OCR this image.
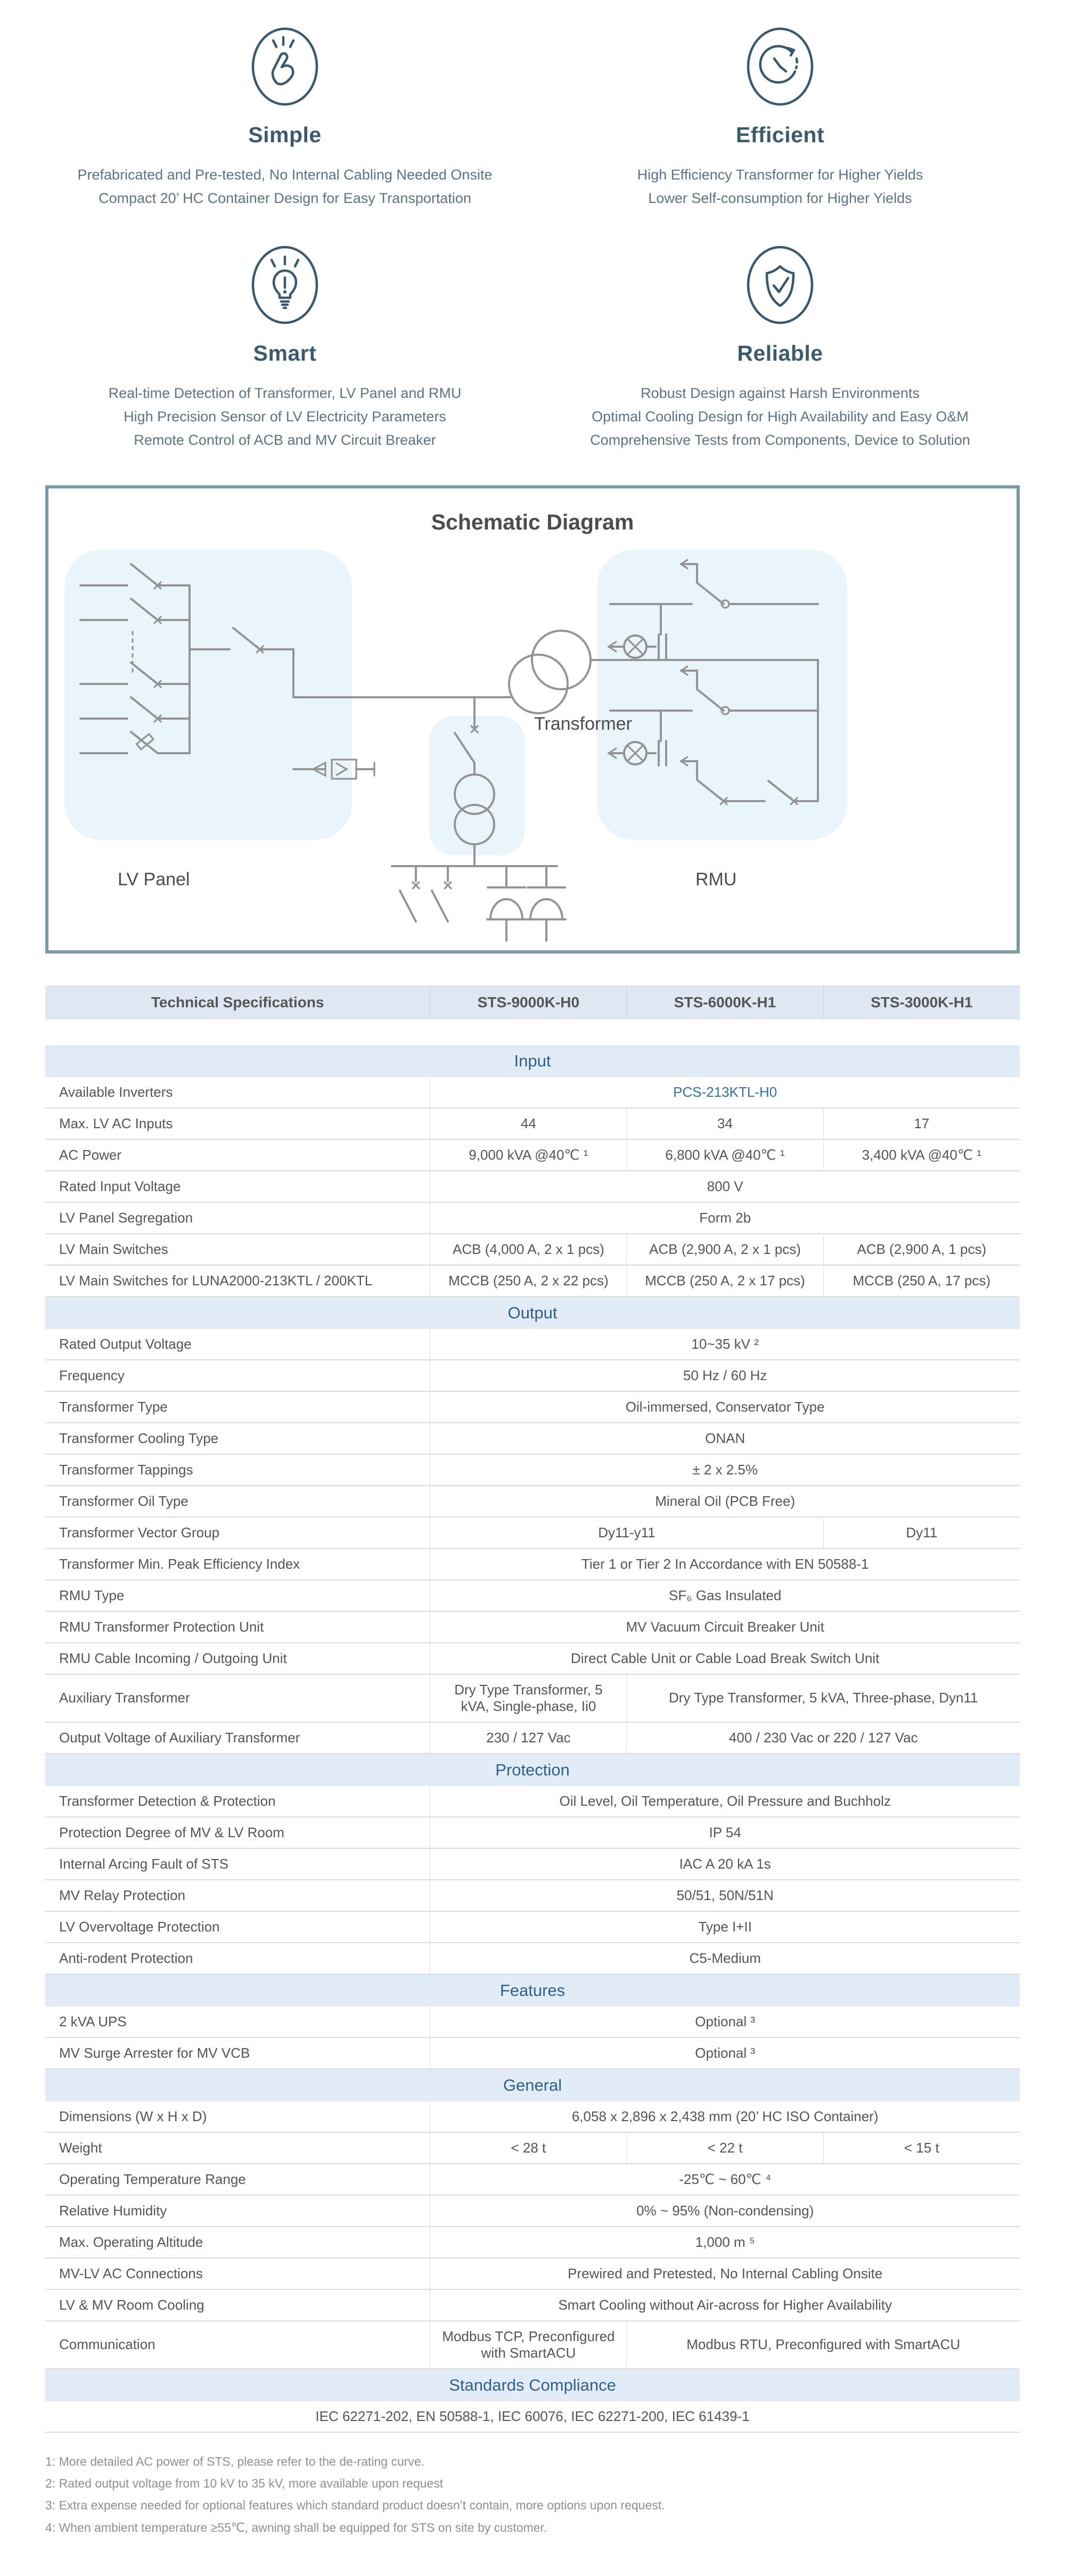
Simple
Prefabricated and Pre-tested, No Internal Cabling Needed Onsite
Compact 20’ HC Container Design for Easy Transportation
Efficient
High Efficiency Transformer for Higher Yields
Lower Self-consumption for Higher Yields
Smart
Real-time Detection of Transformer, LV Panel and RMU
High Precision Sensor of LV Electricity Parameters
Remote Control of ACB and MV Circuit Breaker
Reliable
Robust Design against Harsh Environments
Optimal Cooling Design for High Availability and Easy O&M
Comprehensive Tests from Components, Device to Solution
Schematic Diagram
Transformer
LV Panel	RMU
Technical Specifications	STS-9000K-H0	STS-6000K-H1	STS-3000K-H1
Input			
Available Inverters	PCS-213KTL-H0		
Max. LV AC Inputs	44	34	17
AC Power	9,000 kVA @40℃ ¹	6,800 kVA @40℃ ¹	3,400 kVA @40℃ ¹
Rated Input Voltage	800 V		
LV Panel Segregation	Form 2b		
LV Main Switches	ACB (4,000 A, 2 x 1 pcs)	ACB (2,900 A, 2 x 1 pcs)	ACB (2,900 A, 1 pcs)
LV Main Switches for LUNA2000-213KTL / 200KTL	MCCB (250 A, 2 x 22 pcs)	MCCB (250 A, 2 x 17 pcs)	MCCB (250 A, 17 pcs)
Output			
Rated Output Voltage	10~35 kV ²		
Frequency	50 Hz / 60 Hz		
Transformer Type	Oil-immersed, Conservator Type		
Transformer Cooling Type	ONAN		
Transformer Tappings	± 2 x 2.5%		
Transformer Oil Type	Mineral Oil (PCB Free)		
Transformer Vector Group	Dy11-y11		Dy11
Transformer Min. Peak Efficiency Index	Tier 1 or Tier 2 In Accordance with EN 50588-1		
RMU Type	SF₆ Gas Insulated		
RMU Transformer Protection Unit	MV Vacuum Circuit Breaker Unit		
RMU Cable Incoming / Outgoing Unit	Direct Cable Unit or Cable Load Break Switch Unit		
Auxiliary Transformer	Dry Type Transformer, 5 kVA, Single-phase, Ii0	Dry Type Transformer, 5 kVA, Three-phase, Dyn11	
Output Voltage of Auxiliary Transformer	230 / 127 Vac	400 / 230 Vac or 220 / 127 Vac	
Protection			
Transformer Detection & Protection	Oil Level, Oil Temperature, Oil Pressure and Buchholz		
Protection Degree of MV & LV Room	IP 54		
Internal Arcing Fault of STS	IAC A 20 kA 1s		
MV Relay Protection	50/51, 50N/51N		
LV Overvoltage Protection	Type I+II		
Anti-rodent Protection	C5-Medium		
Features			
2 kVA UPS	Optional ³		
MV Surge Arrester for MV VCB	Optional ³		
General			
Dimensions (W x H x D)	6,058 x 2,896 x 2,438 mm (20’ HC ISO Container)		
Weight	< 28 t	< 22 t	< 15 t
Operating Temperature Range	-25℃ ~ 60℃ ⁴		
Relative Humidity	0% ~ 95% (Non-condensing)		
Max. Operating Altitude	1,000 m ⁵		
MV-LV AC Connections	Prewired and Pretested, No Internal Cabling Onsite		
LV & MV Room Cooling	Smart Cooling without Air-across for Higher Availability		
Communication	Modbus TCP, Preconfigured with SmartACU	Modbus RTU, Preconfigured with SmartACU	
Standards Compliance			
IEC 62271-202, EN 50588-1, IEC 60076, IEC 62271-200, IEC 61439-1			
1: More detailed AC power of STS, please refer to the de-rating curve.
2: Rated output voltage from 10 kV to 35 kV, more available upon request
3: Extra expense needed for optional features which standard product doesn’t contain, more options upon request.
4: When ambient temperature ≥55℃, awning shall be equipped for STS on site by customer.
